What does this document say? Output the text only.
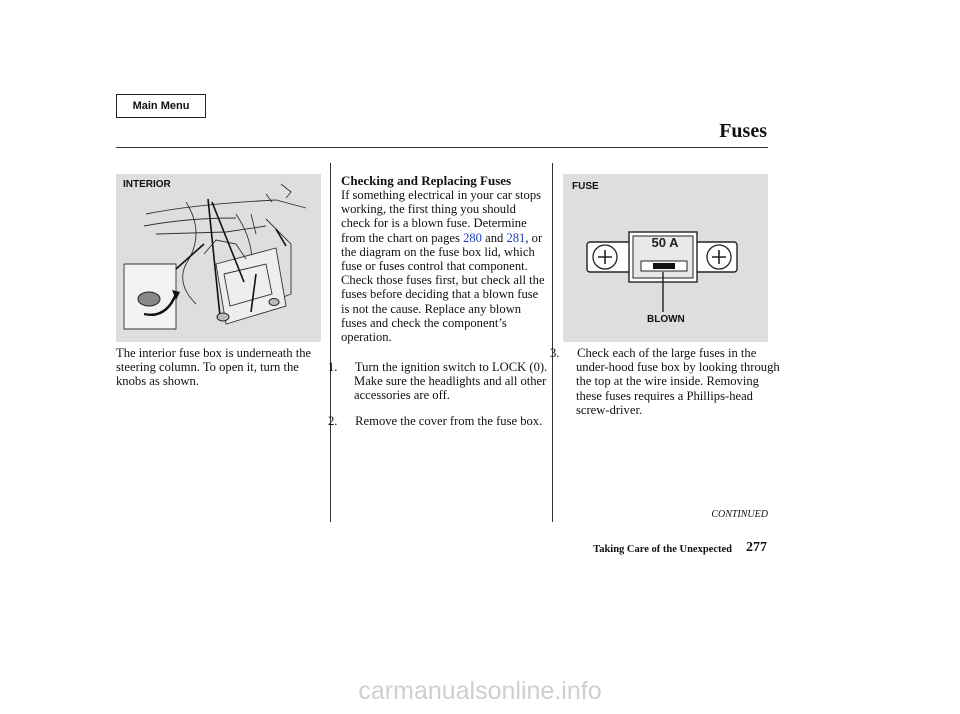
Main Menu
Fuses
INTERIOR	FUSE
50 A
BLOWN
The interior fuse box is underneath the steering column. To open it, turn the knobs as shown.
Checking and Replacing Fuses
If something electrical in your car stops working, the first thing you should check for is a blown fuse. Determine from the chart on pages 280 and 281, or the diagram on the fuse box lid, which fuse or fuses control that component. Check those fuses first, but check all the fuses before deciding that a blown fuse is not the cause. Replace any blown fuses and check the component’s operation.
1. Turn the ignition switch to LOCK (0). Make sure the headlights and all other accessories are off.
2. Remove the cover from the fuse box.
3. Check each of the large fuses in the under-hood fuse box by looking through the top at the wire inside. Removing these fuses requires a Phillips-head screw-driver.
CONTINUED
Taking Care of the Unexpected 277
carmanualsonline.info
